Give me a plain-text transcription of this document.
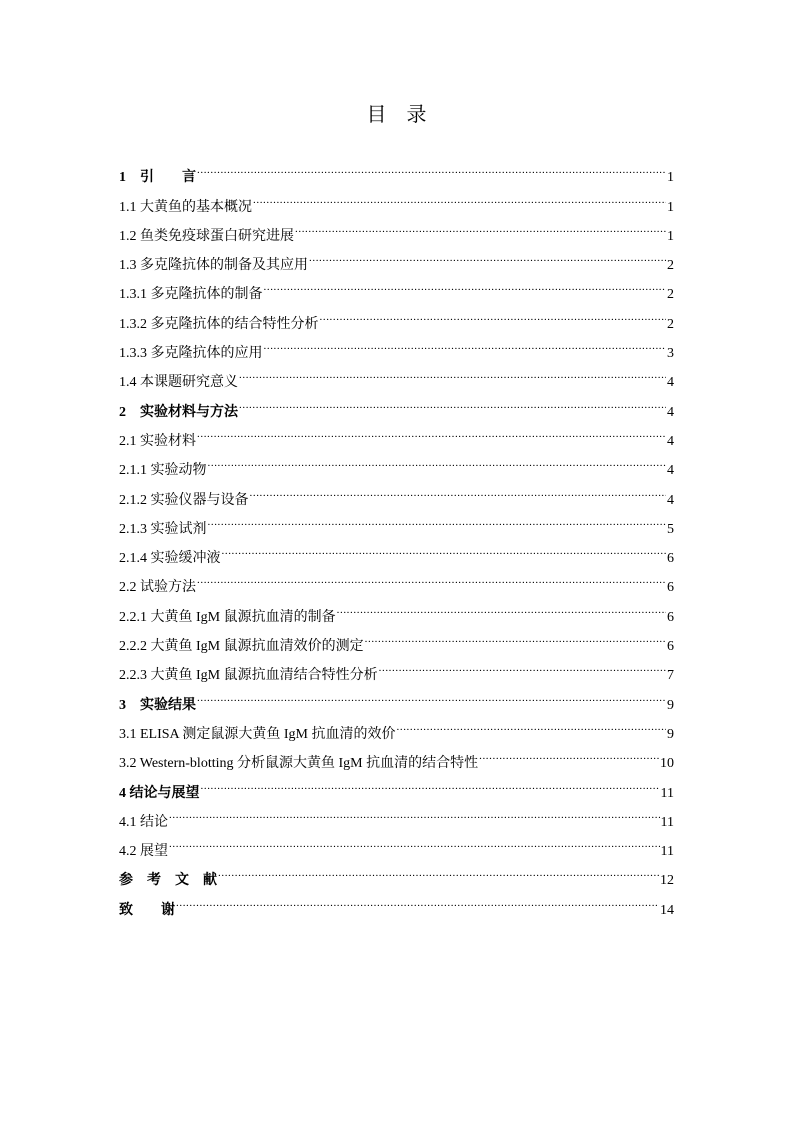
目　录
1　引　　言 .....	1
1.1 大黄鱼的基本概况 .....	1
1.2 鱼类免疫球蛋白研究进展 .....	1
1.3 多克隆抗体的制备及其应用 .....	2
1.3.1 多克隆抗体的制备 .....	2
1.3.2 多克隆抗体的结合特性分析 .....	2
1.3.3 多克隆抗体的应用 .....	3
1.4 本课题研究意义 .....	4
2　实验材料与方法 .....	4
2.1 实验材料 .....	4
2.1.1 实验动物 .....	4
2.1.2 实验仪器与设备 .....	4
2.1.3 实验试剂 .....	5
2.1.4 实验缓冲液 .....	6
2.2 试验方法 .....	6
2.2.1 大黄鱼 IgM 鼠源抗血清的制备 .....	6
2.2.2 大黄鱼 IgM 鼠源抗血清效价的测定 .....	6
2.2.3 大黄鱼 IgM 鼠源抗血清结合特性分析 .....	7
3　实验结果 .....	9
3.1 ELISA 测定鼠源大黄鱼 IgM 抗血清的效价 .....	9
3.2 Western-blotting 分析鼠源大黄鱼 IgM 抗血清的结合特性 .....	10
4 结论与展望 .....	11
4.1 结论 .....	11
4.2 展望 .....	11
参　考　文　献 .....	12
致　　谢 .....	14
